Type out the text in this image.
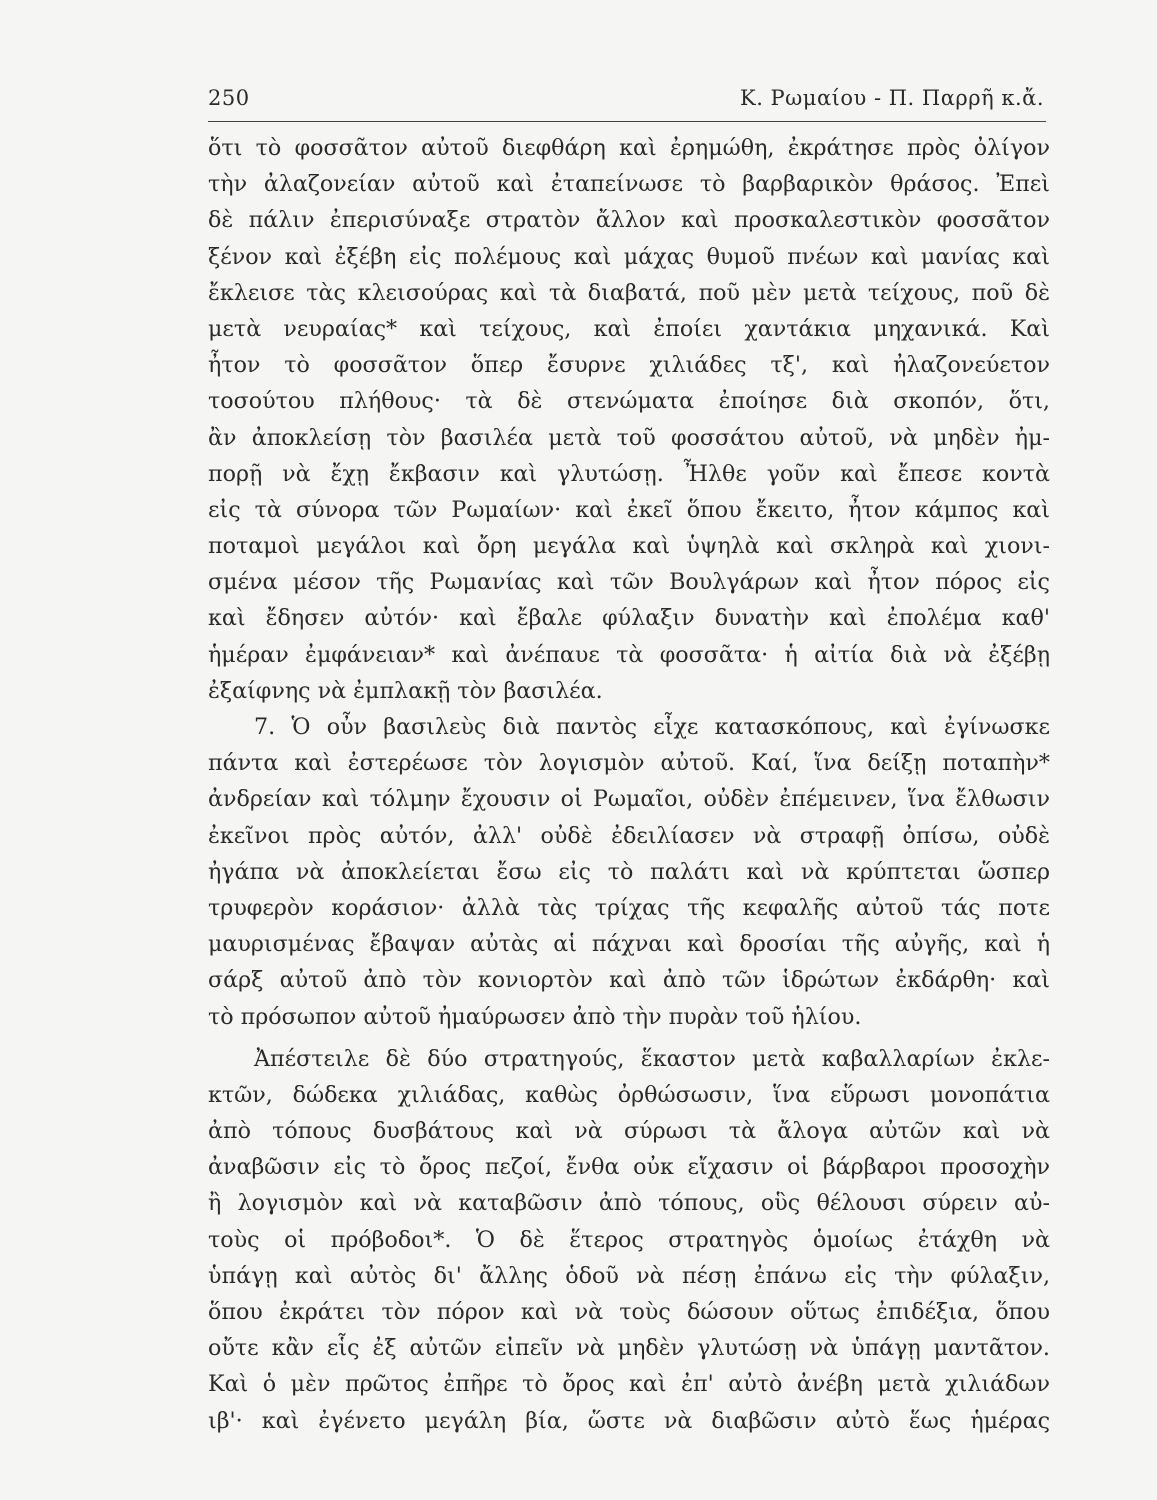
250	Κ. Ρωμαίου - Π. Παρρῆ κ.ἄ.
ὅτι τὸ φοσσᾶτον αὐτοῦ διεφθάρη καὶ ἐρημώθη, ἐκράτησε πρὸς ὀλίγον
τὴν ἀλαζονείαν αὐτοῦ καὶ ἐταπείνωσε τὸ βαρβαρικὸν θράσος. Ἐπεὶ
δὲ πάλιν ἐπερισύναξε στρατὸν ἄλλον καὶ προσκαλεστικὸν φοσσᾶτον
ξένον καὶ ἐξέβη εἰς πολέμους καὶ μάχας θυμοῦ πνέων καὶ μανίας καὶ
ἔκλεισε τὰς κλεισούρας καὶ τὰ διαβατά, ποῦ μὲν μετὰ τείχους, ποῦ δὲ
μετὰ νευραίας* καὶ τείχους, καὶ ἐποίει χαντάκια μηχανικά. Καὶ
ἦτον τὸ φοσσᾶτον ὅπερ ἔσυρνε χιλιάδες τξ', καὶ ἠλαζονεύετον
τοσούτου πλήθους· τὰ δὲ στενώματα ἐποίησε διὰ σκοπόν, ὅτι,
ἂν ἀποκλείσῃ τὸν βασιλέα μετὰ τοῦ φοσσάτου αὐτοῦ, νὰ μηδὲν ἠμ-
πορῇ νὰ ἔχῃ ἔκβασιν καὶ γλυτώσῃ. Ἦλθε γοῦν καὶ ἔπεσε κοντὰ
εἰς τὰ σύνορα τῶν Ρωμαίων· καὶ ἐκεῖ ὅπου ἔκειτο, ἦτον κάμπος καὶ
ποταμοὶ μεγάλοι καὶ ὄρη μεγάλα καὶ ὑψηλὰ καὶ σκληρὰ καὶ χιονι-
σμένα μέσον τῆς Ρωμανίας καὶ τῶν Βουλγάρων καὶ ἦτον πόρος εἰς
καὶ ἔδησεν αὐτόν· καὶ ἔβαλε φύλαξιν δυνατὴν καὶ ἐπολέμα καθ'
ἡμέραν ἐμφάνειαν* καὶ ἀνέπαυε τὰ φοσσᾶτα· ἡ αἰτία διὰ νὰ ἐξέβῃ
ἐξαίφνης νὰ ἐμπλακῇ τὸν βασιλέα.
7. Ὁ οὖν βασιλεὺς διὰ παντὸς εἶχε κατασκόπους, καὶ ἐγίνωσκε
πάντα καὶ ἐστερέωσε τὸν λογισμὸν αὐτοῦ. Καί, ἵνα δείξῃ ποταπὴν*
ἀνδρείαν καὶ τόλμην ἔχουσιν οἱ Ρωμαῖοι, οὐδὲν ἐπέμεινεν, ἵνα ἔλθωσιν
ἐκεῖνοι πρὸς αὐτόν, ἀλλ' οὐδὲ ἐδειλίασεν νὰ στραφῇ ὀπίσω, οὐδὲ
ἠγάπα νὰ ἀποκλείεται ἔσω εἰς τὸ παλάτι καὶ νὰ κρύπτεται ὥσπερ
τρυφερὸν κοράσιον· ἀλλὰ τὰς τρίχας τῆς κεφαλῆς αὐτοῦ τάς ποτε
μαυρισμένας ἔβαψαν αὐτὰς αἱ πάχναι καὶ δροσίαι τῆς αὐγῆς, καὶ ἡ
σάρξ αὐτοῦ ἀπὸ τὸν κονιορτὸν καὶ ἀπὸ τῶν ἱδρώτων ἐκδάρθη· καὶ
τὸ πρόσωπον αὐτοῦ ἠμαύρωσεν ἀπὸ τὴν πυρὰν τοῦ ἡλίου.
Ἀπέστειλε δὲ δύο στρατηγούς, ἕκαστον μετὰ καβαλλαρίων ἐκλε-
κτῶν, δώδεκα χιλιάδας, καθὼς ὀρθώσωσιν, ἵνα εὕρωσι μονοπάτια
ἀπὸ τόπους δυσβάτους καὶ νὰ σύρωσι τὰ ἄλογα αὐτῶν καὶ νὰ
ἀναβῶσιν εἰς τὸ ὄρος πεζοί, ἔνθα οὐκ εἴχασιν οἱ βάρβαροι προσοχὴν
ἢ λογισμὸν καὶ νὰ καταβῶσιν ἀπὸ τόπους, οὓς θέλουσι σύρειν αὐ-
τοὺς οἱ πρόβοδοι*. Ὁ δὲ ἕτερος στρατηγὸς ὁμοίως ἐτάχθη νὰ
ὑπάγῃ καὶ αὐτὸς δι' ἄλλης ὁδοῦ νὰ πέσῃ ἐπάνω εἰς τὴν φύλαξιν,
ὅπου ἐκράτει τὸν πόρον καὶ νὰ τοὺς δώσουν οὕτως ἐπιδέξια, ὅπου
οὔτε κἂν εἷς ἐξ αὐτῶν εἰπεῖν νὰ μηδὲν γλυτώσῃ νὰ ὑπάγῃ μαντᾶτον.
Καὶ ὁ μὲν πρῶτος ἐπῆρε τὸ ὄρος καὶ ἐπ' αὐτὸ ἀνέβη μετὰ χιλιάδων
ιβ'· καὶ ἐγένετο μεγάλη βία, ὥστε νὰ διαβῶσιν αὐτὸ ἕως ἡμέρας
